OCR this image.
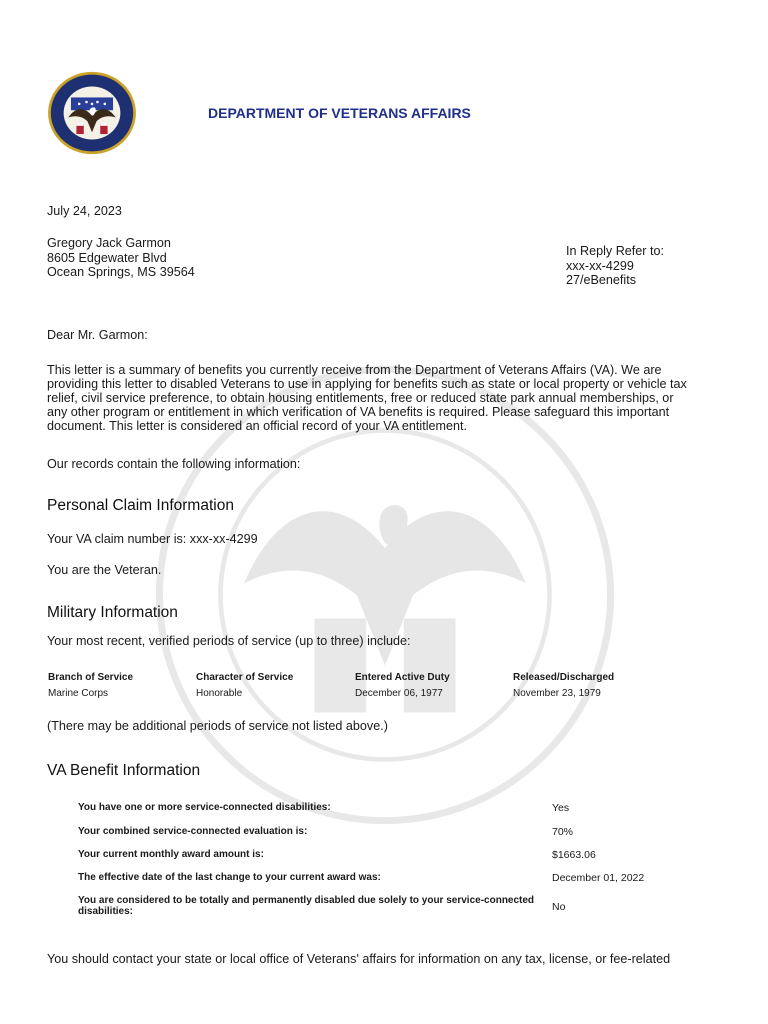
DEPARTMENT OF VETERANS AFFAIRS
July 24, 2023
Gregory Jack Garmon
8605 Edgewater Blvd
Ocean Springs, MS 39564
In Reply Refer to:
xxx-xx-4299
27/eBenefits
Dear Mr. Garmon:
This letter is a summary of benefits you currently receive from the Department of Veterans Affairs (VA). We are
providing this letter to disabled Veterans to use in applying for benefits such as state or local property or vehicle tax
relief, civil service preference, to obtain housing entitlements, free or reduced state park annual memberships, or
any other program or entitlement in which verification of VA benefits is required. Please safeguard this important
document. This letter is considered an official record of your VA entitlement.
Our records contain the following information:
Personal Claim Information
Your VA claim number is: xxx-xx-4299
You are the Veteran.
Military Information
Your most recent, verified periods of service (up to three) include:
Branch of Service	Character of Service	Entered Active Duty	Released/Discharged
Marine Corps	Honorable	December 06, 1977	November 23, 1979
(There may be additional periods of service not listed above.)
VA Benefit Information
You have one or more service-connected disabilities:	Yes
Your combined service-connected evaluation is:	70%
Your current monthly award amount is:	$1663.06
The effective date of the last change to your current award was:	December 01, 2022
You are considered to be totally and permanently disabled due solely to your service-connected disabilities:	No
You should contact your state or local office of Veterans' affairs for information on any tax, license, or fee-related
